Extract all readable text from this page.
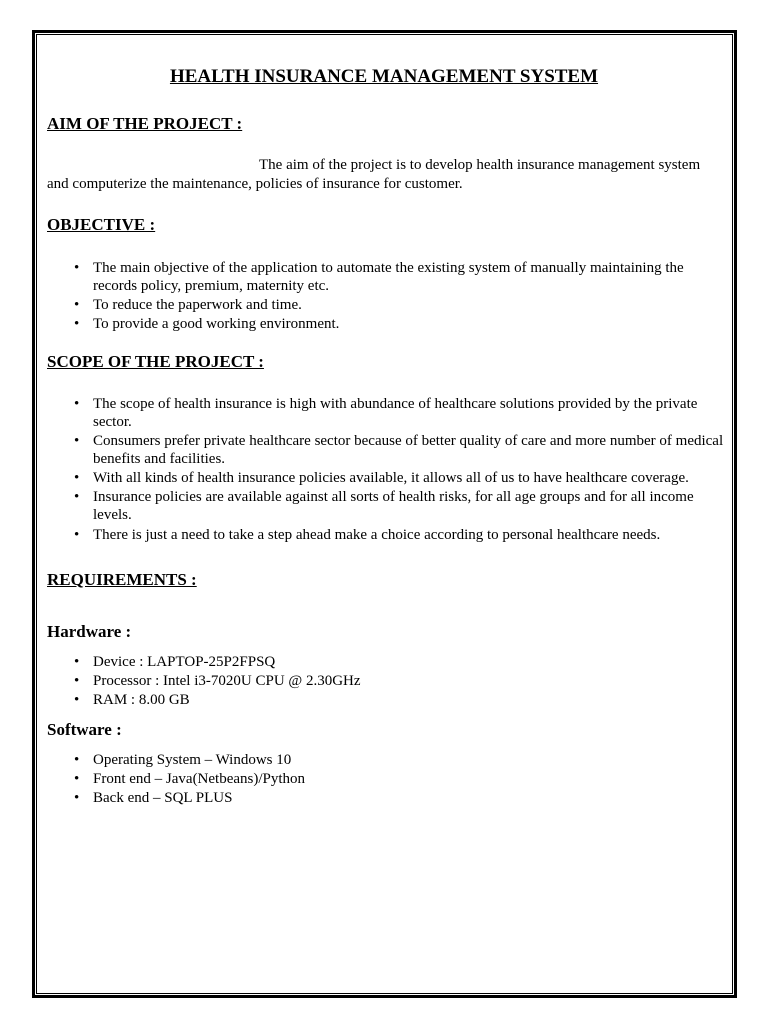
HEALTH INSURANCE MANAGEMENT SYSTEM
AIM OF THE PROJECT :
The aim of the project is to develop health insurance management system
and computerize the maintenance, policies of insurance for customer.
OBJECTIVE :
• The main objective of the application to automate the existing system of manually maintaining the records policy, premium, maternity etc.
• To reduce the paperwork and time.
• To provide a good working environment.
SCOPE OF THE PROJECT :
• The scope of health insurance is high with abundance of healthcare solutions provided by the private sector.
• Consumers prefer private healthcare sector because of better quality of care and more number of medical benefits and facilities.
• With all kinds of health insurance policies available, it allows all of us to have healthcare coverage.
• Insurance policies are available against all sorts of health risks, for all age groups and for all income levels.
• There is just a need to take a step ahead make a choice according to personal healthcare needs.
REQUIREMENTS :
Hardware :
• Device : LAPTOP-25P2FPSQ
• Processor : Intel i3-7020U CPU @ 2.30GHz
• RAM : 8.00 GB
Software :
• Operating System – Windows 10
• Front end – Java(Netbeans)/Python
• Back end – SQL PLUS
